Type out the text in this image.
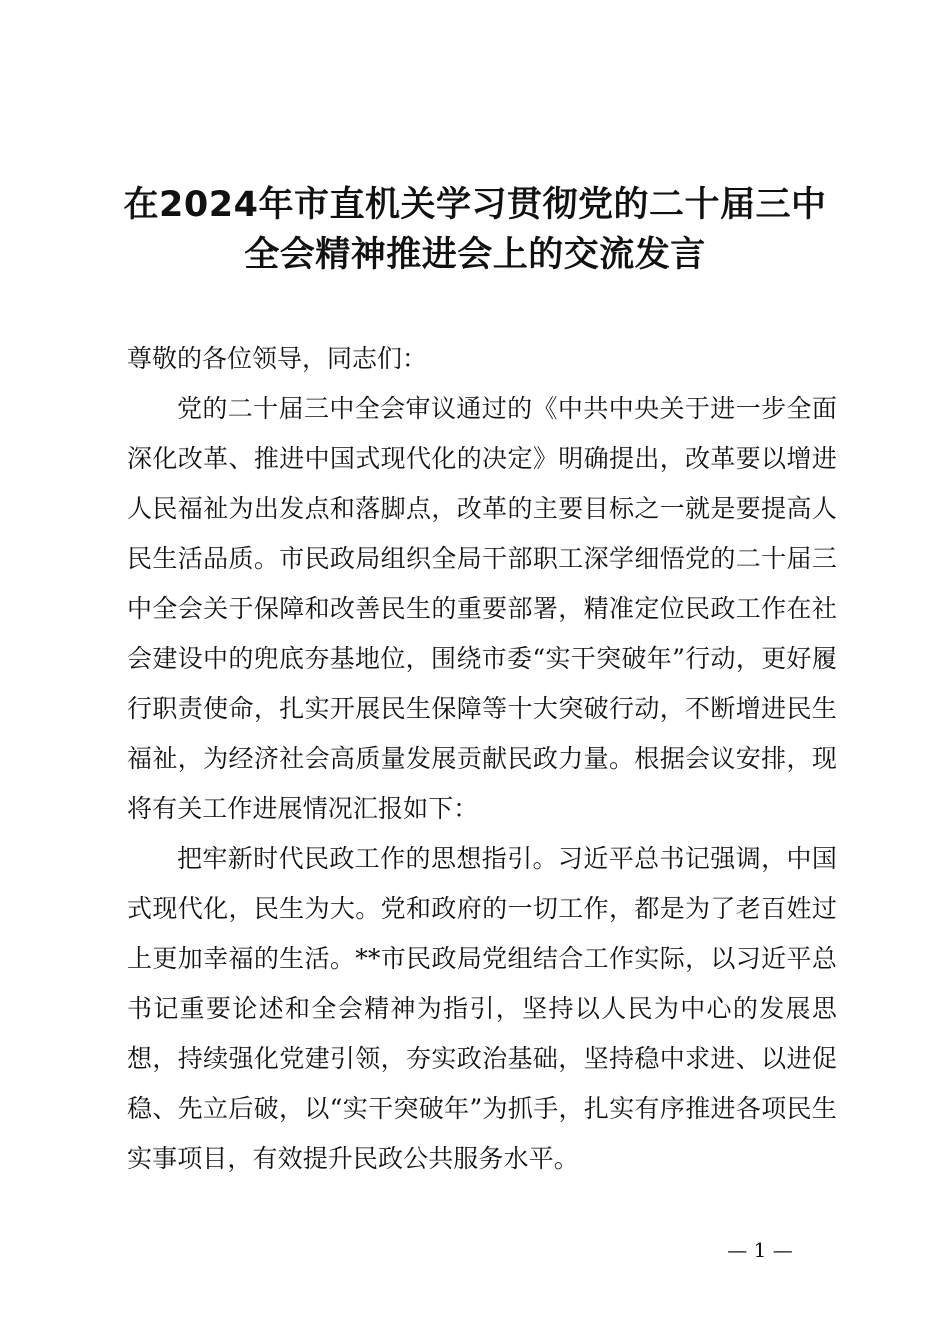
在2024年市直机关学习贯彻党的二十届三中
全会精神推进会上的交流发言

尊敬的各位领导，同志们：

党的二十届三中全会审议通过的《中共中央关于进一步全面深化改革、推进中国式现代化的决定》明确提出，改革要以增进人民福祉为出发点和落脚点，改革的主要目标之一就是要提高人民生活品质。市民政局组织全局干部职工深学细悟党的二十届三中全会关于保障和改善民生的重要部署，精准定位民政工作在社会建设中的兜底夯基地位，围绕市委“实干突破年”行动，更好履行职责使命，扎实开展民生保障等十大突破行动，不断增进民生福祉，为经济社会高质量发展贡献民政力量。根据会议安排，现将有关工作进展情况汇报如下：

把牢新时代民政工作的思想指引。习近平总书记强调，中国式现代化，民生为大。党和政府的一切工作，都是为了老百姓过上更加幸福的生活。**市民政局党组结合工作实际，以习近平总书记重要论述和全会精神为指引，坚持以人民为中心的发展思想，持续强化党建引领，夯实政治基础，坚持稳中求进、以进促稳、先立后破，以“实干突破年”为抓手，扎实有序推进各项民生实事项目，有效提升民政公共服务水平。

— 1 —
